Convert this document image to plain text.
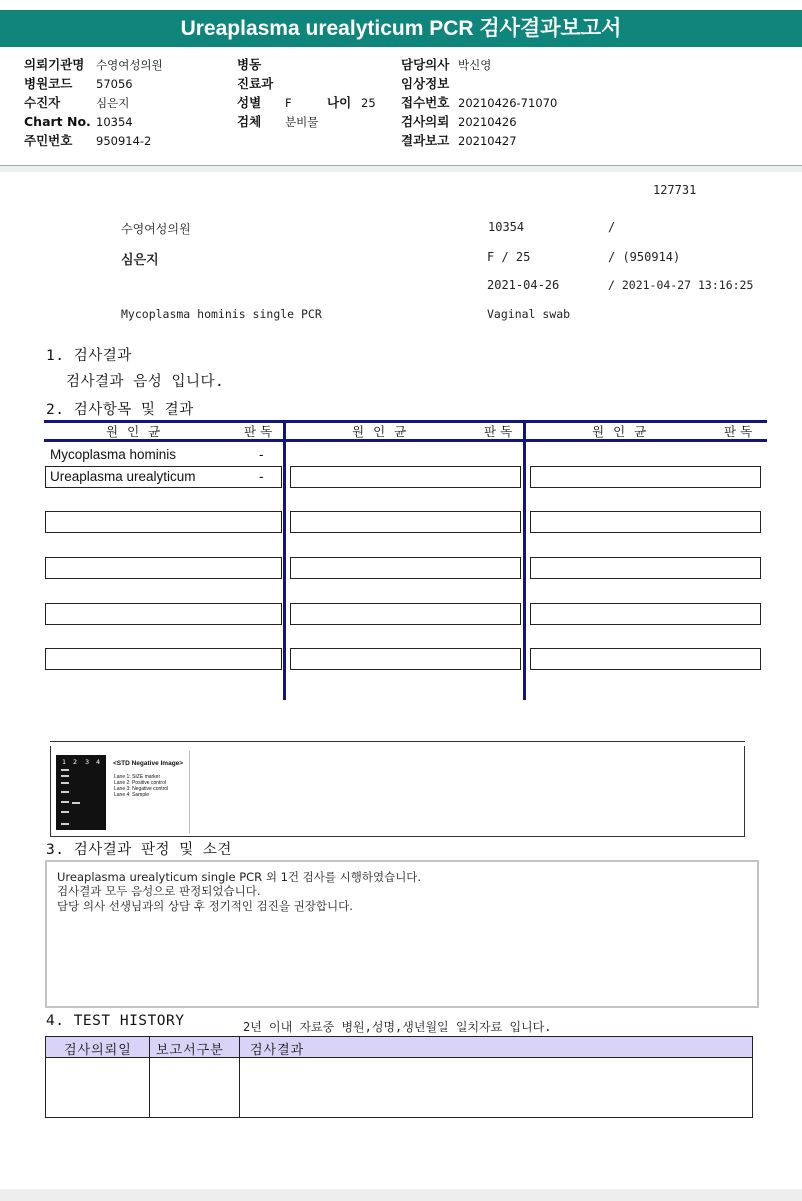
Ureaplasma urealyticum PCR 검사결과보고서
의뢰기관명 수영여성의원
병원코드 57056
수진자	심은지
Chart No. 10354
주민번호 950914-2
병동
진료과
성별 F	나이 25
검체 분비물
담당의사 박신영
임상정보
접수번호 20210426-71070
검사의뢰 20210426
결과보고 20210427
127731
수영여성의원	10354	/
심은지	F / 25	/ (950914)
2021-04-26	/ 2021-04-27 13:16:25
Mycoplasma hominis single PCR	Vaginal swab
1. 검사결과
검사결과 음성 입니다.
2. 검사항목 및 결과
원인균	판독	원인균	판독	원인균	판독
Mycoplasma hominis	-
Ureaplasma urealyticum	-
1 2 3 4 <STD Negative Image>
Lane 1: SIZE marker
Lane 2: Positive control
Lane 3: Negative control
Lane 4: Sample
3. 검사결과 판정 및 소견
Ureaplasma urealyticum single PCR 외 1건 검사를 시행하였습니다.
검사결과 모두 음성으로 판정되었습니다.
담당 의사 선생님과의 상담 후 정기적인 검진을 권장합니다.
4. TEST HISTORY	2년 이내 자료중 병원,성명,생년월일 일치자료 입니다.
검사의뢰일 보고서구분 검사결과
